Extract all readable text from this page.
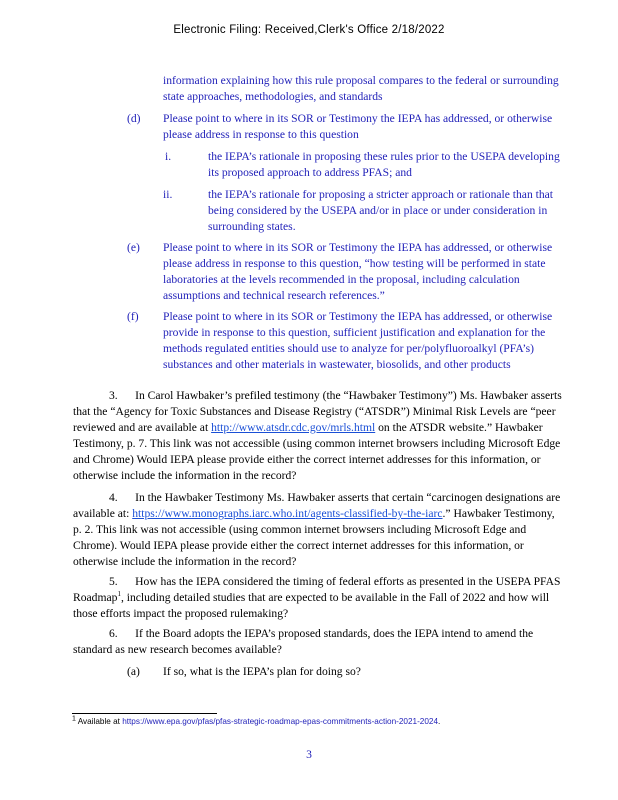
Electronic Filing: Received,Clerk's Office 2/18/2022

information explaining how this rule proposal compares to the federal or surrounding state approaches, methodologies, and standards

(d) Please point to where in its SOR or Testimony the IEPA has addressed, or otherwise please address in response to this question

i.	the IEPA’s rationale in proposing these rules prior to the USEPA developing its proposed approach to address PFAS; and

ii.	the IEPA’s rationale for proposing a stricter approach or rationale than that being considered by the USEPA and/or in place or under consideration in surrounding states.

(e) Please point to where in its SOR or Testimony the IEPA has addressed, or otherwise please address in response to this question, “how testing will be performed in state laboratories at the levels recommended in the proposal, including calculation assumptions and technical research references.”

(f) Please point to where in its SOR or Testimony the IEPA has addressed, or otherwise provide in response to this question, sufficient justification and explanation for the methods regulated entities should use to analyze for per/polyfluoroalkyl (PFA’s) substances and other materials in wastewater, biosolids, and other products

3. In Carol Hawbaker’s prefiled testimony (the “Hawbaker Testimony”) Ms. Hawbaker asserts that the “Agency for Toxic Substances and Disease Registry (“ATSDR”) Minimal Risk Levels are “peer reviewed and are available at http://www.atsdr.cdc.gov/mrls.html on the ATSDR website.” Hawbaker Testimony, p. 7. This link was not accessible (using common internet browsers including Microsoft Edge and Chrome) Would IEPA please provide either the correct internet addresses for this information, or otherwise include the information in the record?

4. In the Hawbaker Testimony Ms. Hawbaker asserts that certain “carcinogen designations are available at: https://www.monographs.iarc.who.int/agents-classified-by-the-iarc.” Hawbaker Testimony, p. 2. This link was not accessible (using common internet browsers including Microsoft Edge and Chrome). Would IEPA please provide either the correct internet addresses for this information, or otherwise include the information in the record?

5. How has the IEPA considered the timing of federal efforts as presented in the USEPA PFAS Roadmap$^1$, including detailed studies that are expected to be available in the Fall of 2022 and how will those efforts impact the proposed rulemaking?

6. If the Board adopts the IEPA’s proposed standards, does the IEPA intend to amend the standard as new research becomes available?

(a) If so, what is the IEPA’s plan for doing so?

$^1$ Available at https://www.epa.gov/pfas/pfas-strategic-roadmap-epas-commitments-action-2021-2024.
3
